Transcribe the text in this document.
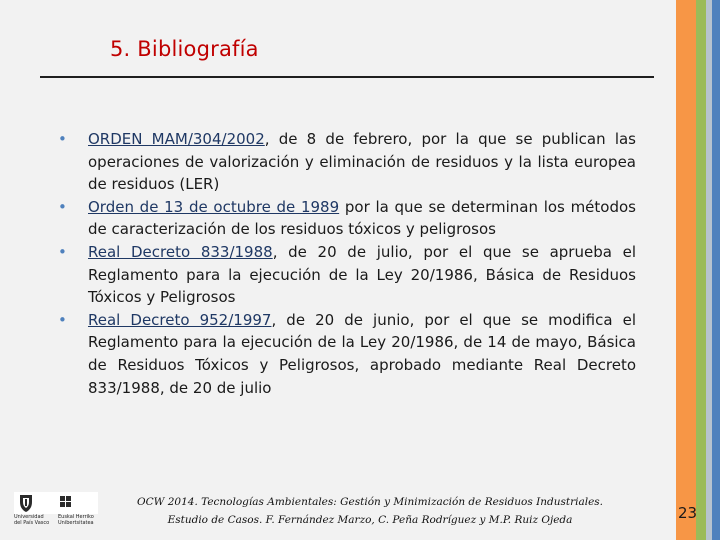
5. Bibliografía
• ORDEN MAM/304/2002, de 8 de febrero, por la que se publican las operaciones de valorización y eliminación de residuos y la lista europea de residuos (LER)
• Orden de 13 de octubre de 1989 por la que se determinan los métodos de caracterización de los residuos tóxicos y peligrosos
• Real Decreto 833/1988, de 20 de julio, por el que se aprueba el Reglamento para la ejecución de la Ley 20/1986, Básica de Residuos Tóxicos y Peligrosos
• Real Decreto 952/1997, de 20 de junio, por el que se modifica el Reglamento para la ejecución de la Ley 20/1986, de 14 de mayo, Básica de Residuos Tóxicos y Peligrosos, aprobado mediante Real Decreto 833/1988, de 20 de julio
Universidad
del País Vasco
Euskal Herriko
Unibertsitatea
OCW 2014. Tecnologías Ambientales: Gestión y Minimización de Residuos Industriales.
Estudio de Casos. F. Fernández Marzo, C. Peña Rodríguez y M.P. Ruiz Ojeda	23
